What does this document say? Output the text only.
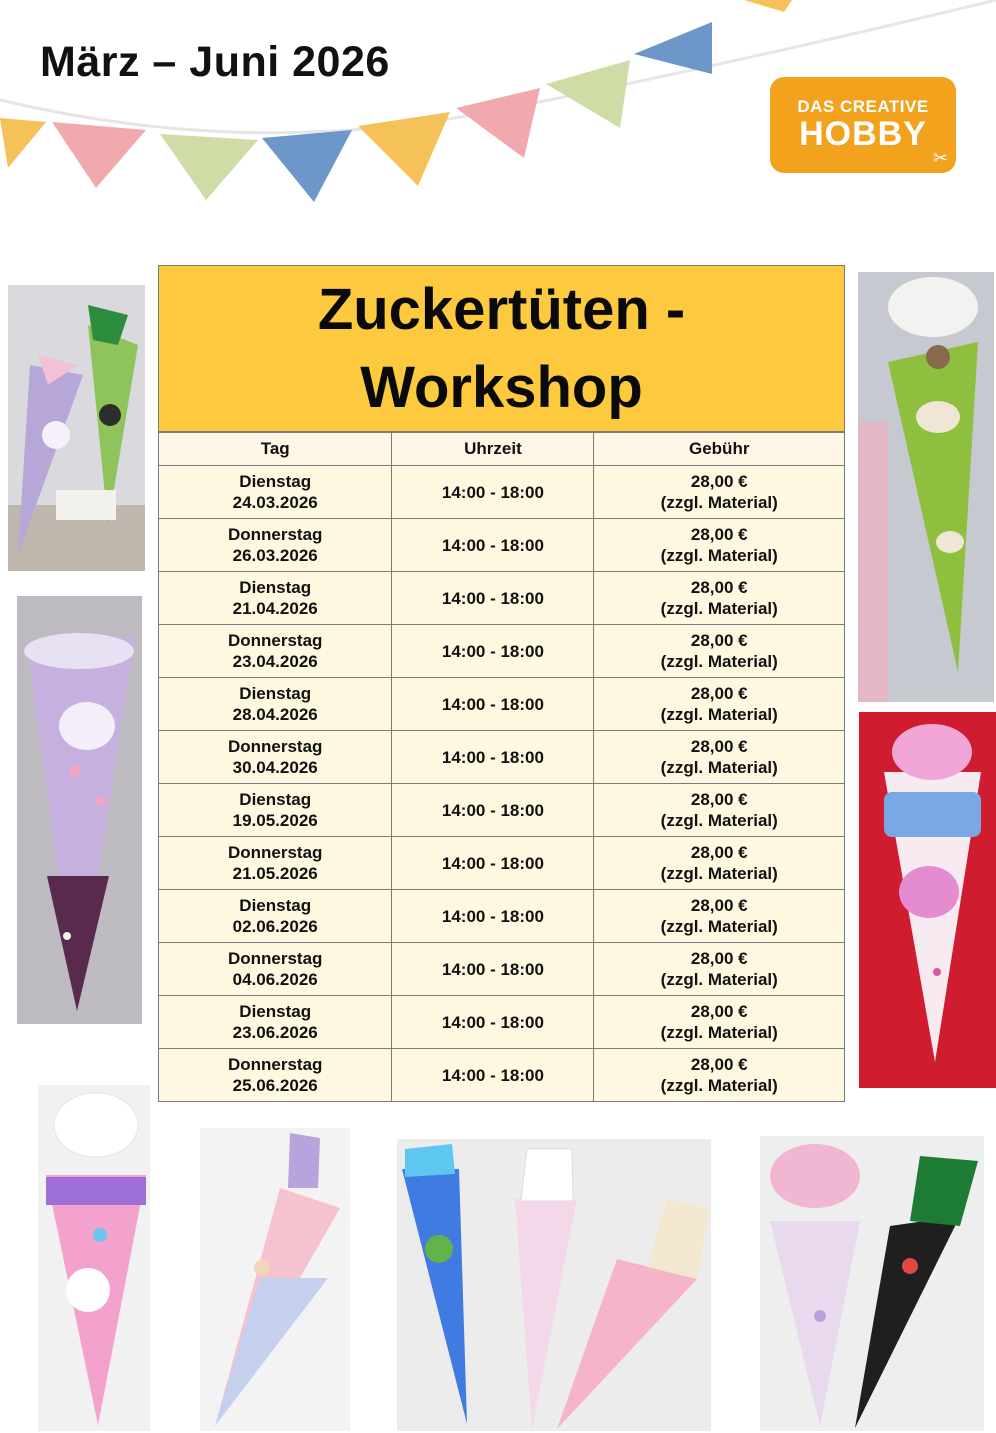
März – Juni 2026
DAS CREATIVE
HOBBY
✂
Zuckertüten -
Workshop
Tag	Uhrzeit	Gebühr

Dienstag
24.03.2026	14:00 - 18:00	28,00 €
(zzgl. Material)

Donnerstag
26.03.2026	14:00 - 18:00	28,00 €
(zzgl. Material)

Dienstag
21.04.2026	14:00 - 18:00	28,00 €
(zzgl. Material)

Donnerstag
23.04.2026	14:00 - 18:00	28,00 €
(zzgl. Material)

Dienstag
28.04.2026	14:00 - 18:00	28,00 €
(zzgl. Material)

Donnerstag
30.04.2026	14:00 - 18:00	28,00 €
(zzgl. Material)

Dienstag
19.05.2026	14:00 - 18:00	28,00 €
(zzgl. Material)

Donnerstag
21.05.2026	14:00 - 18:00	28,00 €
(zzgl. Material)

Dienstag
02.06.2026	14:00 - 18:00	28,00 €
(zzgl. Material)

Donnerstag
04.06.2026	14:00 - 18:00	28,00 €
(zzgl. Material)

Dienstag
23.06.2026	14:00 - 18:00	28,00 €
(zzgl. Material)

Donnerstag
25.06.2026	14:00 - 18:00	28,00 €
(zzgl. Material)
